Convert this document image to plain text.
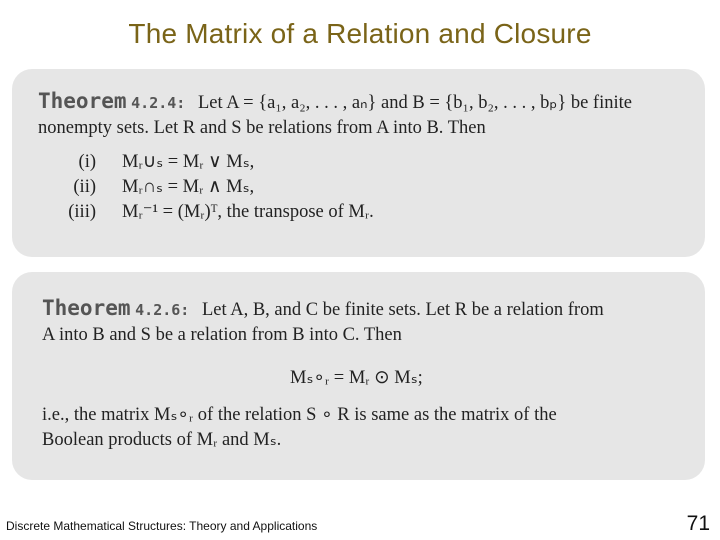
The Matrix of a Relation and Closure
Theorem 4.2.4: Let A = {a₁, a₂, . . . , aₙ} and B = {b₁, b₂, . . . , bₚ} be finite
nonempty sets. Let R and S be relations from A into B. Then
(i)	Mᵣ∪ₛ = Mᵣ ∨ Mₛ,
(ii)	Mᵣ∩ₛ = Mᵣ ∧ Mₛ,
(iii)	Mᵣ⁻¹ = (Mᵣ)ᵀ, the transpose of Mᵣ.
Theorem 4.2.6: Let A, B, and C be finite sets. Let R be a relation from
A into B and S be a relation from B into C. Then
Mₛ∘ᵣ = Mᵣ ⊙ Mₛ;
i.e., the matrix Mₛ∘ᵣ of the relation S ∘ R is same as the matrix of the
Boolean products of Mᵣ and Mₛ.
Discrete Mathematical Structures: Theory and Applications	71
